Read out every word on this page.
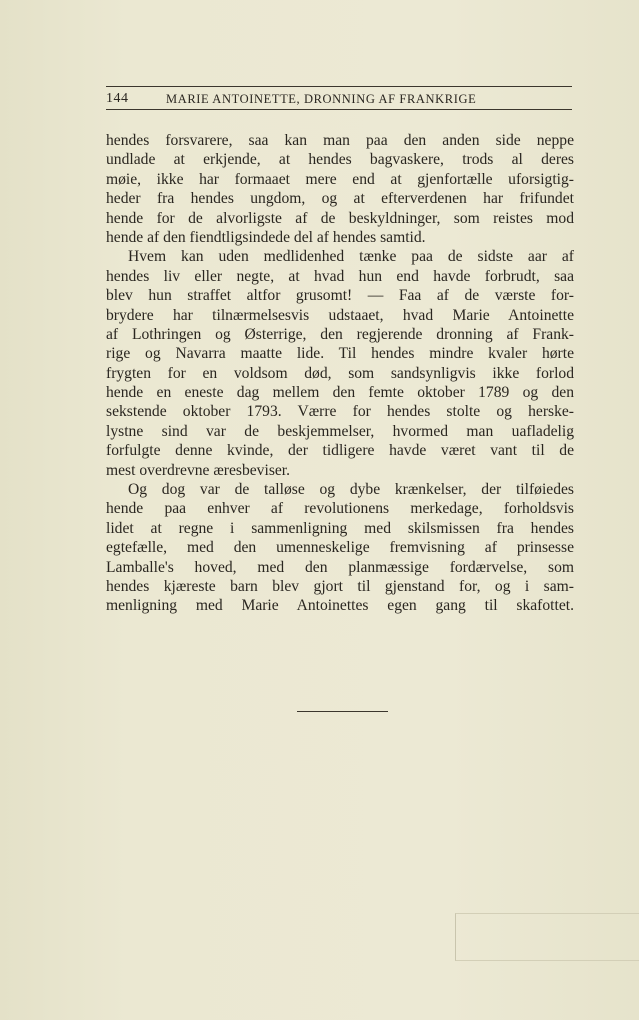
144	MARIE ANTOINETTE, DRONNING AF FRANKRIGE
hendes forsvarere, saa kan man paa den anden side neppe
undlade at erkjende, at hendes bagvaskere, trods al deres
møie, ikke har formaaet mere end at gjenfortælle uforsigtig-
heder fra hendes ungdom, og at efterverdenen har frifundet
hende for de alvorligste af de beskyldninger, som reistes mod
hende af den fiendtligsindede del af hendes samtid.
Hvem kan uden medlidenhed tænke paa de sidste aar af
hendes liv eller negte, at hvad hun end havde forbrudt, saa
blev hun straffet altfor grusomt! — Faa af de værste for-
brydere har tilnærmelsesvis udstaaet, hvad Marie Antoinette
af Lothringen og Østerrige, den regjerende dronning af Frank-
rige og Navarra maatte lide. Til hendes mindre kvaler hørte
frygten for en voldsom død, som sandsynligvis ikke forlod
hende en eneste dag mellem den femte oktober 1789 og den
sekstende oktober 1793. Værre for hendes stolte og herske-
lystne sind var de beskjemmelser, hvormed man uafladelig
forfulgte denne kvinde, der tidligere havde været vant til de
mest overdrevne æresbeviser.
Og dog var de talløse og dybe krænkelser, der tilføiedes
hende paa enhver af revolutionens merkedage, forholdsvis
lidet at regne i sammenligning med skilsmissen fra hendes
egtefælle, med den umenneskelige fremvisning af prinsesse
Lamballe's hoved, med den planmæssige fordærvelse, som
hendes kjæreste barn blev gjort til gjenstand for, og i sam-
menligning med Marie Antoinettes egen gang til skafottet.
